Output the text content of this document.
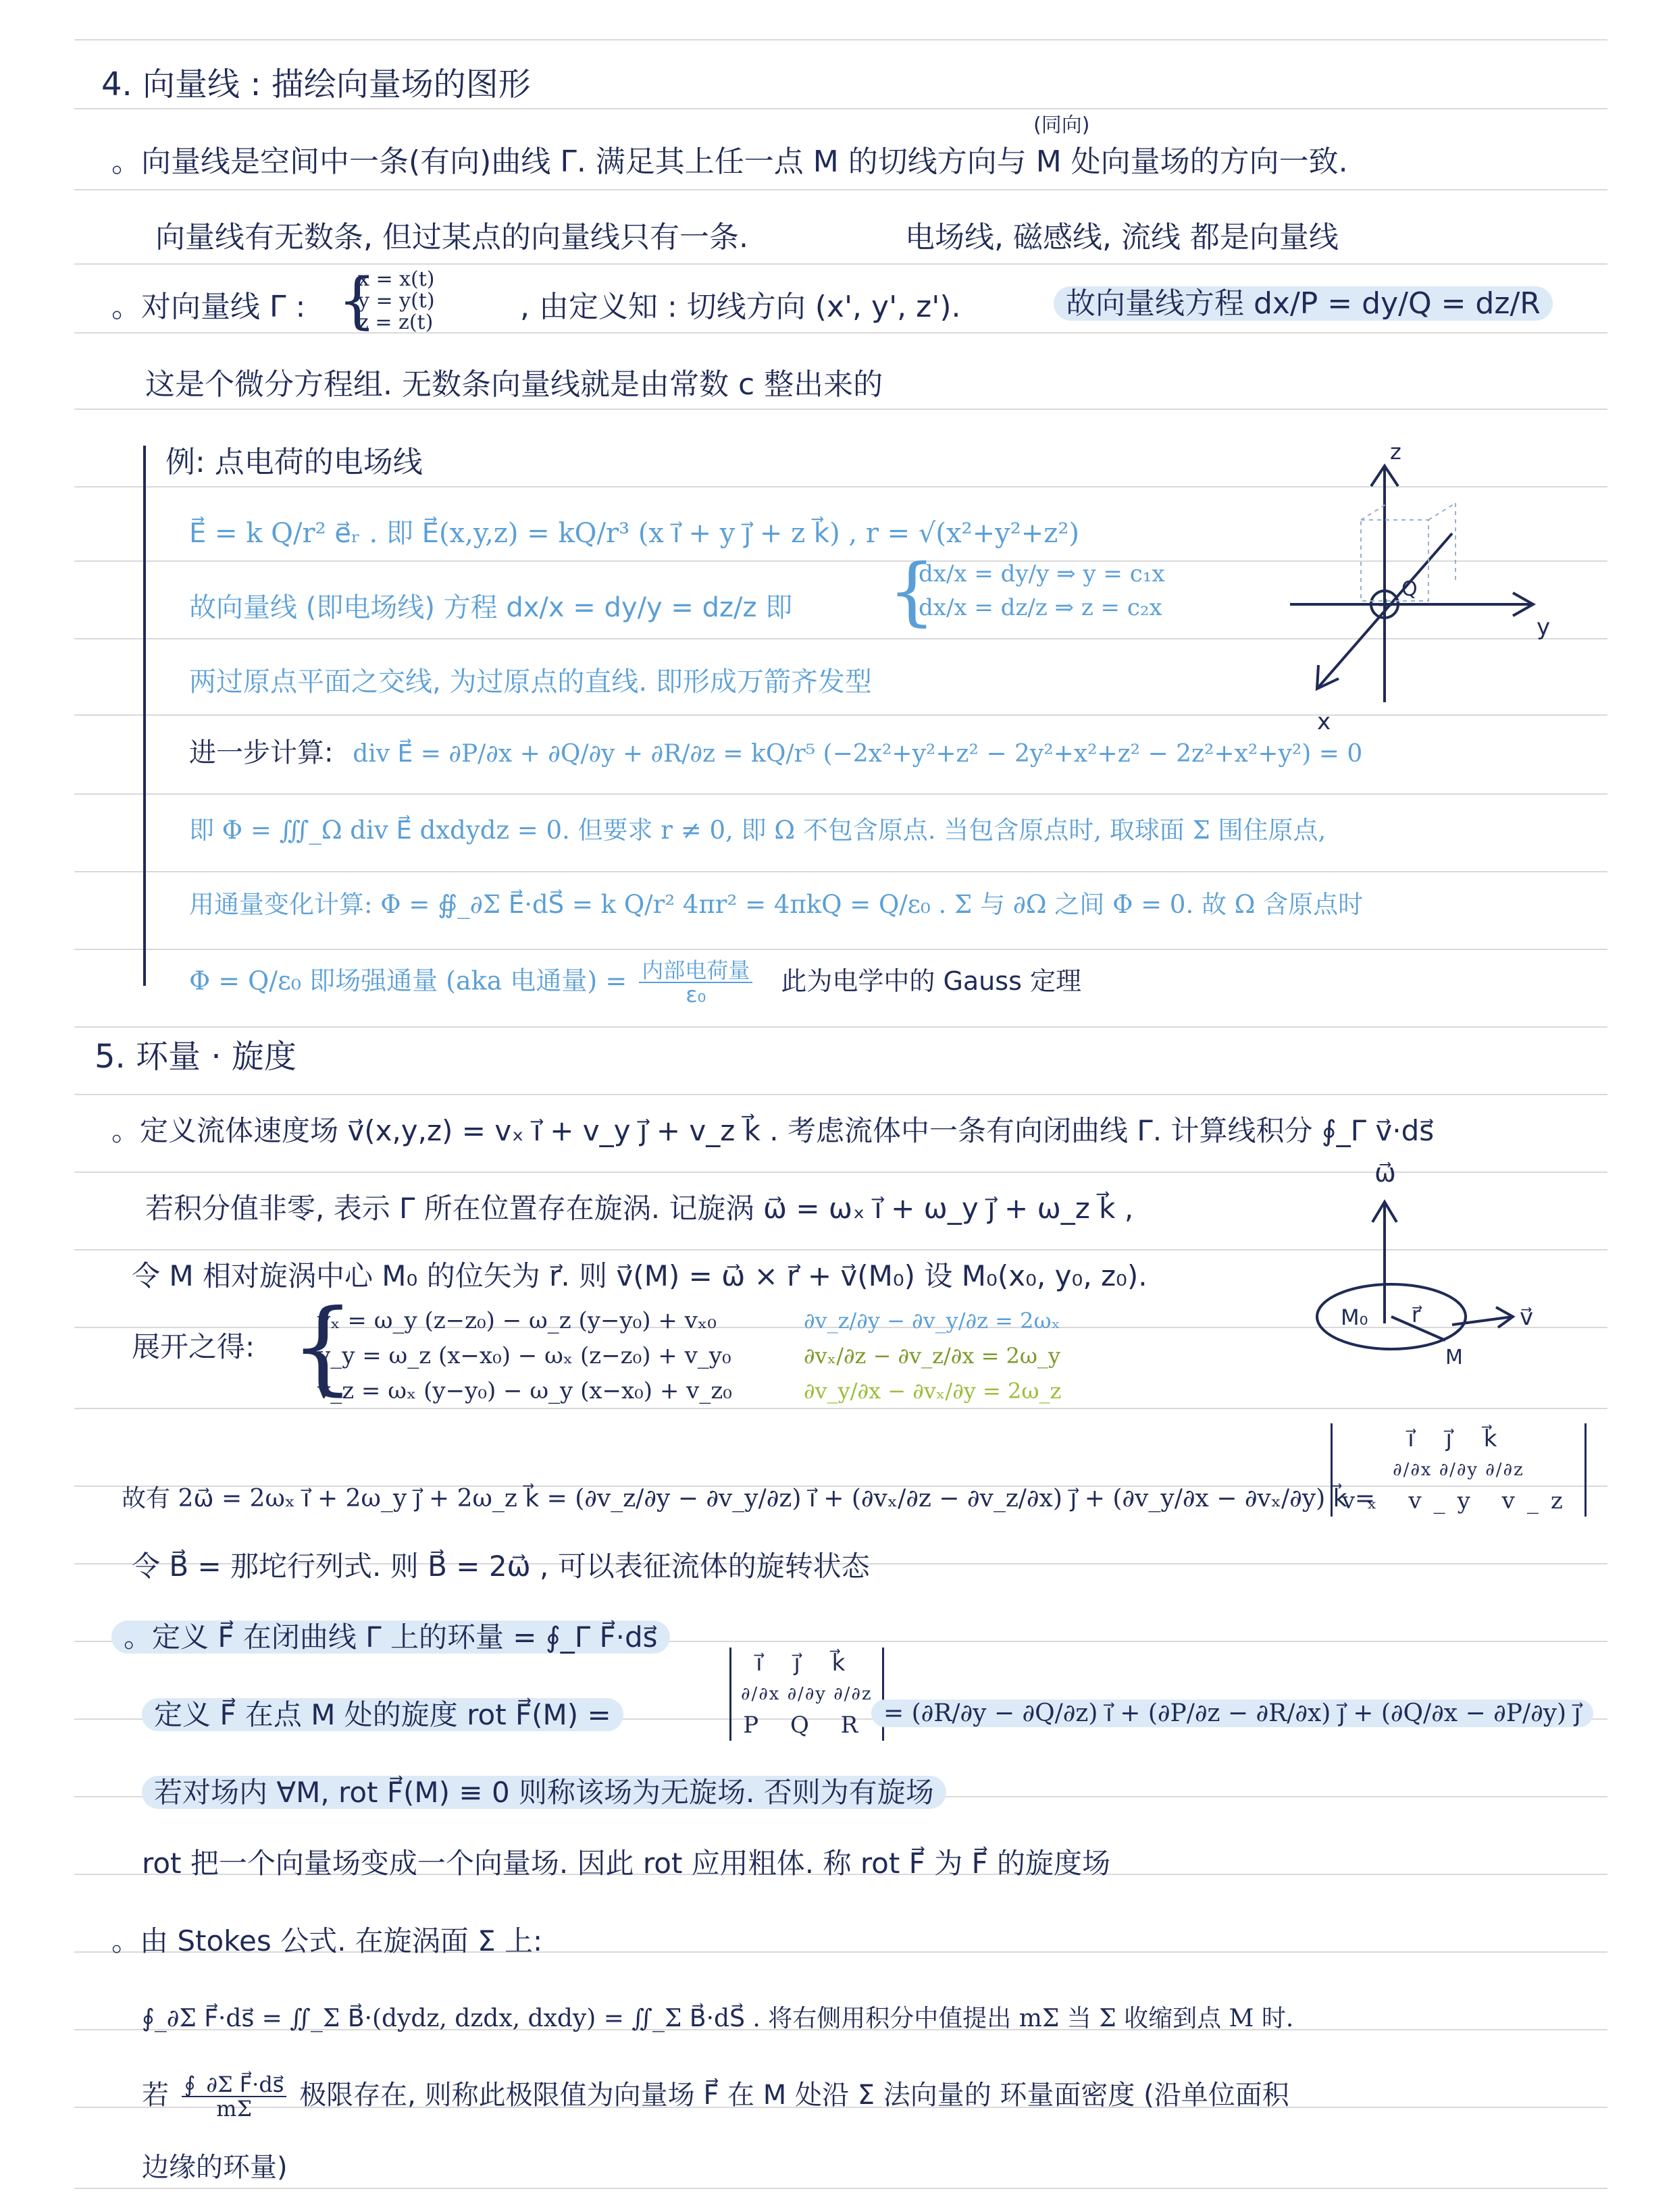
4. 向量线 : 描绘向量场的图形
(同向)
。向量线是空间中一条(有向)曲线 Γ. 满足其上任一点 M 的切线方向与 M 处向量场的方向一致.
向量线有无数条, 但过某点的向量线只有一条.	电场线, 磁感线, 流线 都是向量线
。对向量线 Γ : {
x = x(t)
y = y(t)
z = z(t)	, 由定义知 : 切线方向 (x', y', z').	故向量线方程 dx/P = dy/Q = dz/R
这是个微分方程组. 无数条向量线就是由常数 c 整出来的
例: 点电荷的电场线
E⃗ = k Q/r² e⃗ᵣ . 即 E⃗(x,y,z) = kQ/r³ (x i⃗ + y j⃗ + z k⃗) , r = √(x²+y²+z²)
故向量线 (即电场线) 方程 dx/x = dy/y = dz/z 即	{
dx/x = dy/y ⇒ y = c₁x
dx/x = dz/z ⇒ z = c₂x
两过原点平面之交线, 为过原点的直线. 即形成万箭齐发型
进一步计算: div E⃗ = ∂P/∂x + ∂Q/∂y + ∂R/∂z = kQ/r⁵ (−2x²+y²+z² − 2y²+x²+z² − 2z²+x²+y²) = 0
即 Φ = ∭_Ω div E⃗ dxdydz = 0. 但要求 r ≠ 0, 即 Ω 不包含原点. 当包含原点时, 取球面 Σ 围住原点,
用通量变化计算: Φ = ∯_∂Σ E⃗·dS⃗ = k Q/r² 4πr² = 4πkQ = Q/ε₀ . Σ 与 ∂Ω 之间 Φ = 0. 故 Ω 含原点时
Φ = Q/ε₀ 即场强通量 (aka 电通量) = $\frac{\text{内部电荷量}}{\text{ε₀}}$ 此为电学中的 Gauss 定理
z
y
x
Q
+
5. 环量 · 旋度
。定义流体速度场 v⃗(x,y,z) = vₓ i⃗ + v_y j⃗ + v_z k⃗ . 考虑流体中一条有向闭曲线 Γ. 计算线积分 ∮_Γ v⃗·ds⃗
若积分值非零, 表示 Γ 所在位置存在旋涡. 记旋涡 ω⃗ = ωₓ i⃗ + ω_y j⃗ + ω_z k⃗ ,
令 M 相对旋涡中心 M₀ 的位矢为 r⃗. 则 v⃗(M) = ω⃗ × r⃗ + v⃗(M₀) 设 M₀(x₀, y₀, z₀).
展开之得: {
vₓ = ω_y (z−z₀) − ω_z (y−y₀) + vₓ₀
v_y = ω_z (x−x₀) − ωₓ (z−z₀) + v_y₀
v_z = ωₓ (y−y₀) − ω_y (x−x₀) + v_z₀
∂v_z/∂y − ∂v_y/∂z = 2ωₓ
∂vₓ/∂z − ∂v_z/∂x = 2ω_y
∂v_y/∂x − ∂vₓ/∂y = 2ω_z
ω⃗
M₀ r⃗
M
v⃗
故有 2ω⃗ = 2ωₓ i⃗ + 2ω_y j⃗ + 2ω_z k⃗ = (∂v_z/∂y − ∂v_y/∂z) i⃗ + (∂vₓ/∂z − ∂v_z/∂x) j⃗ + (∂v_y/∂x − ∂vₓ/∂y) k⃗ =
i⃗ j⃗ k⃗
∂/∂x ∂/∂y ∂/∂z
vₓ v_y v_z
令 B⃗ = 那坨行列式. 则 B⃗ = 2ω⃗ , 可以表征流体的旋转状态
。定义 F⃗ 在闭曲线 Γ 上的环量 = ∮_Γ F⃗·ds⃗
定义 F⃗ 在点 M 处的旋度 rot F⃗(M) =
i⃗ j⃗ k⃗
∂/∂x ∂/∂y ∂/∂z
P Q R = (∂R/∂y − ∂Q/∂z) i⃗ + (∂P/∂z − ∂R/∂x) j⃗ + (∂Q/∂x − ∂P/∂y) j⃗
若对场内 ∀M, rot F⃗(M) ≡ 0 则称该场为无旋场. 否则为有旋场
rot 把一个向量场变成一个向量场. 因此 rot 应用粗体. 称 rot F⃗ 为 F⃗ 的旋度场
。由 Stokes 公式. 在旋涡面 Σ 上:
∮_∂Σ F⃗·ds⃗ = ∬_Σ B⃗·(dydz, dzdx, dxdy) = ∬_Σ B⃗·dS⃗ . 将右侧用积分中值提出 mΣ 当 Σ 收缩到点 M 时.
若 $\frac{\text{∮\_∂Σ F⃗·ds⃗}}{m\Sigma}$ 极限存在, 则称此极限值为向量场 F⃗ 在 M 处沿 Σ 法向量的 环量面密度 (沿单位面积
边缘的环量)
